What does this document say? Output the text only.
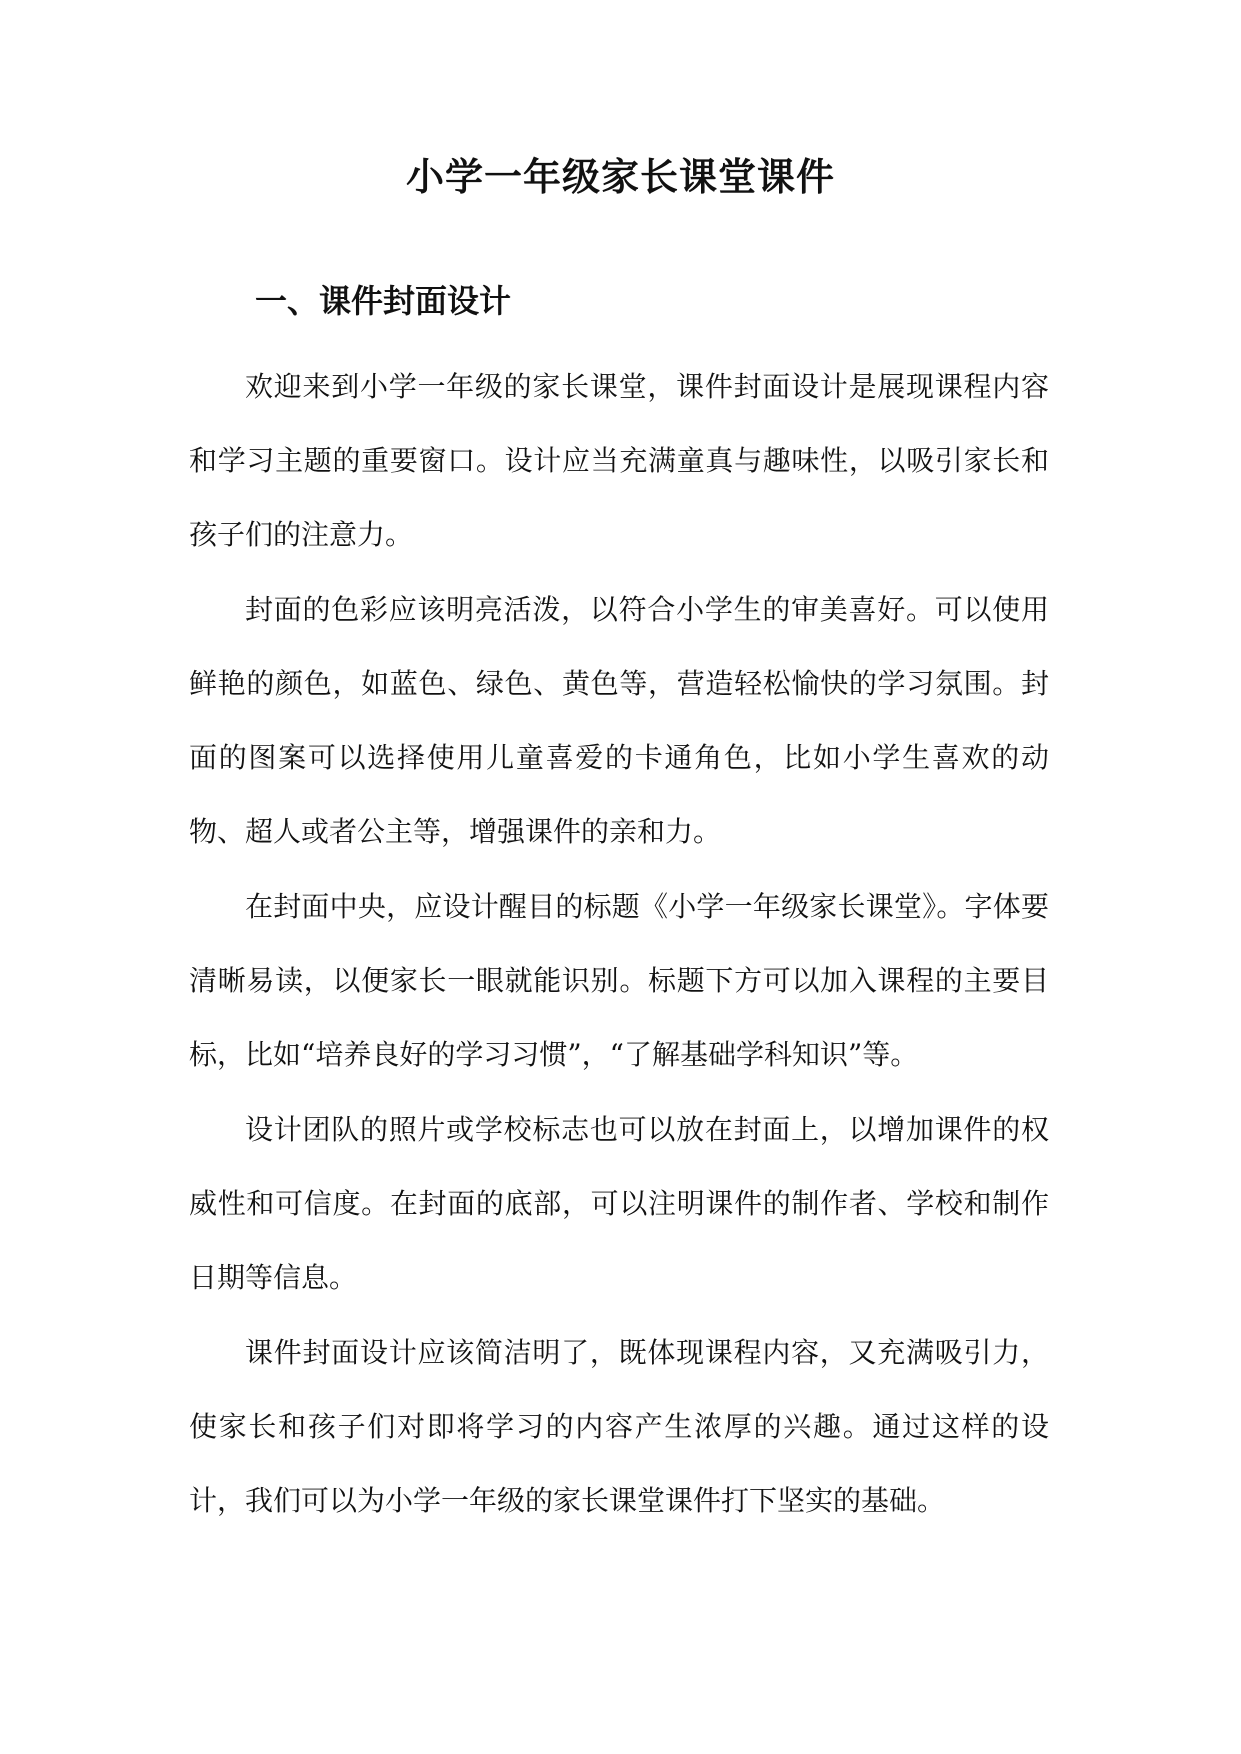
小学一年级家长课堂课件
一、课件封面设计

欢迎来到小学一年级的家长课堂，课件封面设计是展现课程内容和学习主题的重要窗口。设计应当充满童真与趣味性，以吸引家长和孩子们的注意力。

封面的色彩应该明亮活泼，以符合小学生的审美喜好。可以使用鲜艳的颜色，如蓝色、绿色、黄色等，营造轻松愉快的学习氛围。封面的图案可以选择使用儿童喜爱的卡通角色，比如小学生喜欢的动物、超人或者公主等，增强课件的亲和力。

在封面中央，应设计醒目的标题《小学一年级家长课堂》。字体要清晰易读，以便家长一眼就能识别。标题下方可以加入课程的主要目标，比如“培养良好的学习习惯”，“了解基础学科知识”等。

设计团队的照片或学校标志也可以放在封面上，以增加课件的权威性和可信度。在封面的底部，可以注明课件的制作者、学校和制作日期等信息。

课件封面设计应该简洁明了，既体现课程内容，又充满吸引力，使家长和孩子们对即将学习的内容产生浓厚的兴趣。通过这样的设计，我们可以为小学一年级的家长课堂课件打下坚实的基础。
